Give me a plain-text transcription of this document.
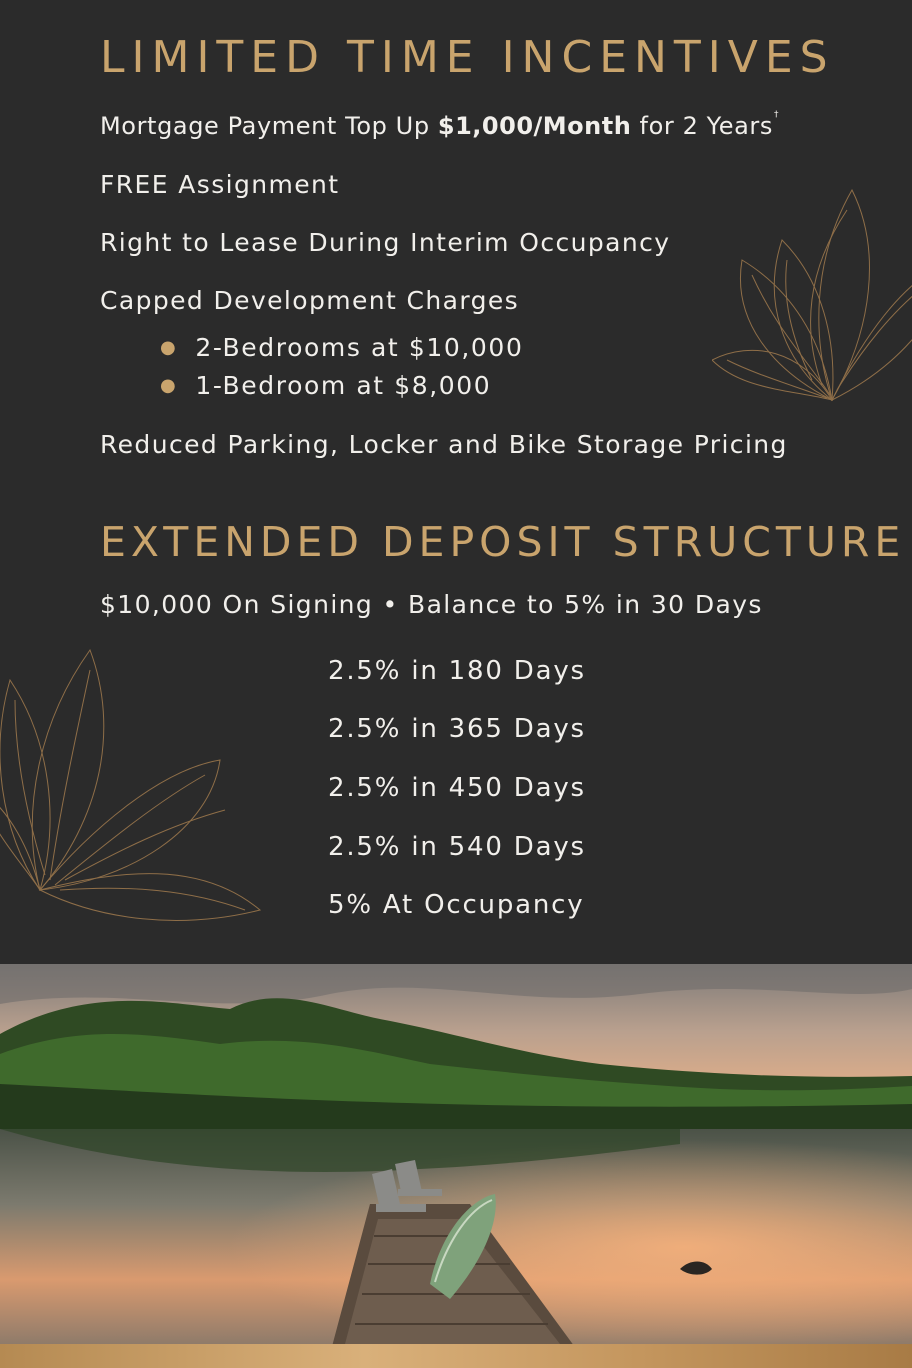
LIMITED TIME INCENTIVES

Mortgage Payment Top Up $1,000/Month for 2 Years†

FREE Assignment

Right to Lease During Interim Occupancy

Capped Development Charges

● 2-Bedrooms at $10,000

● 1-Bedroom at $8,000

Reduced Parking, Locker and Bike Storage Pricing

EXTENDED DEPOSIT STRUCTURE

$10,000 On Signing • Balance to 5% in 30 Days

2.5% in 180 Days

2.5% in 365 Days

2.5% in 450 Days

2.5% in 540 Days

5% At Occupancy
